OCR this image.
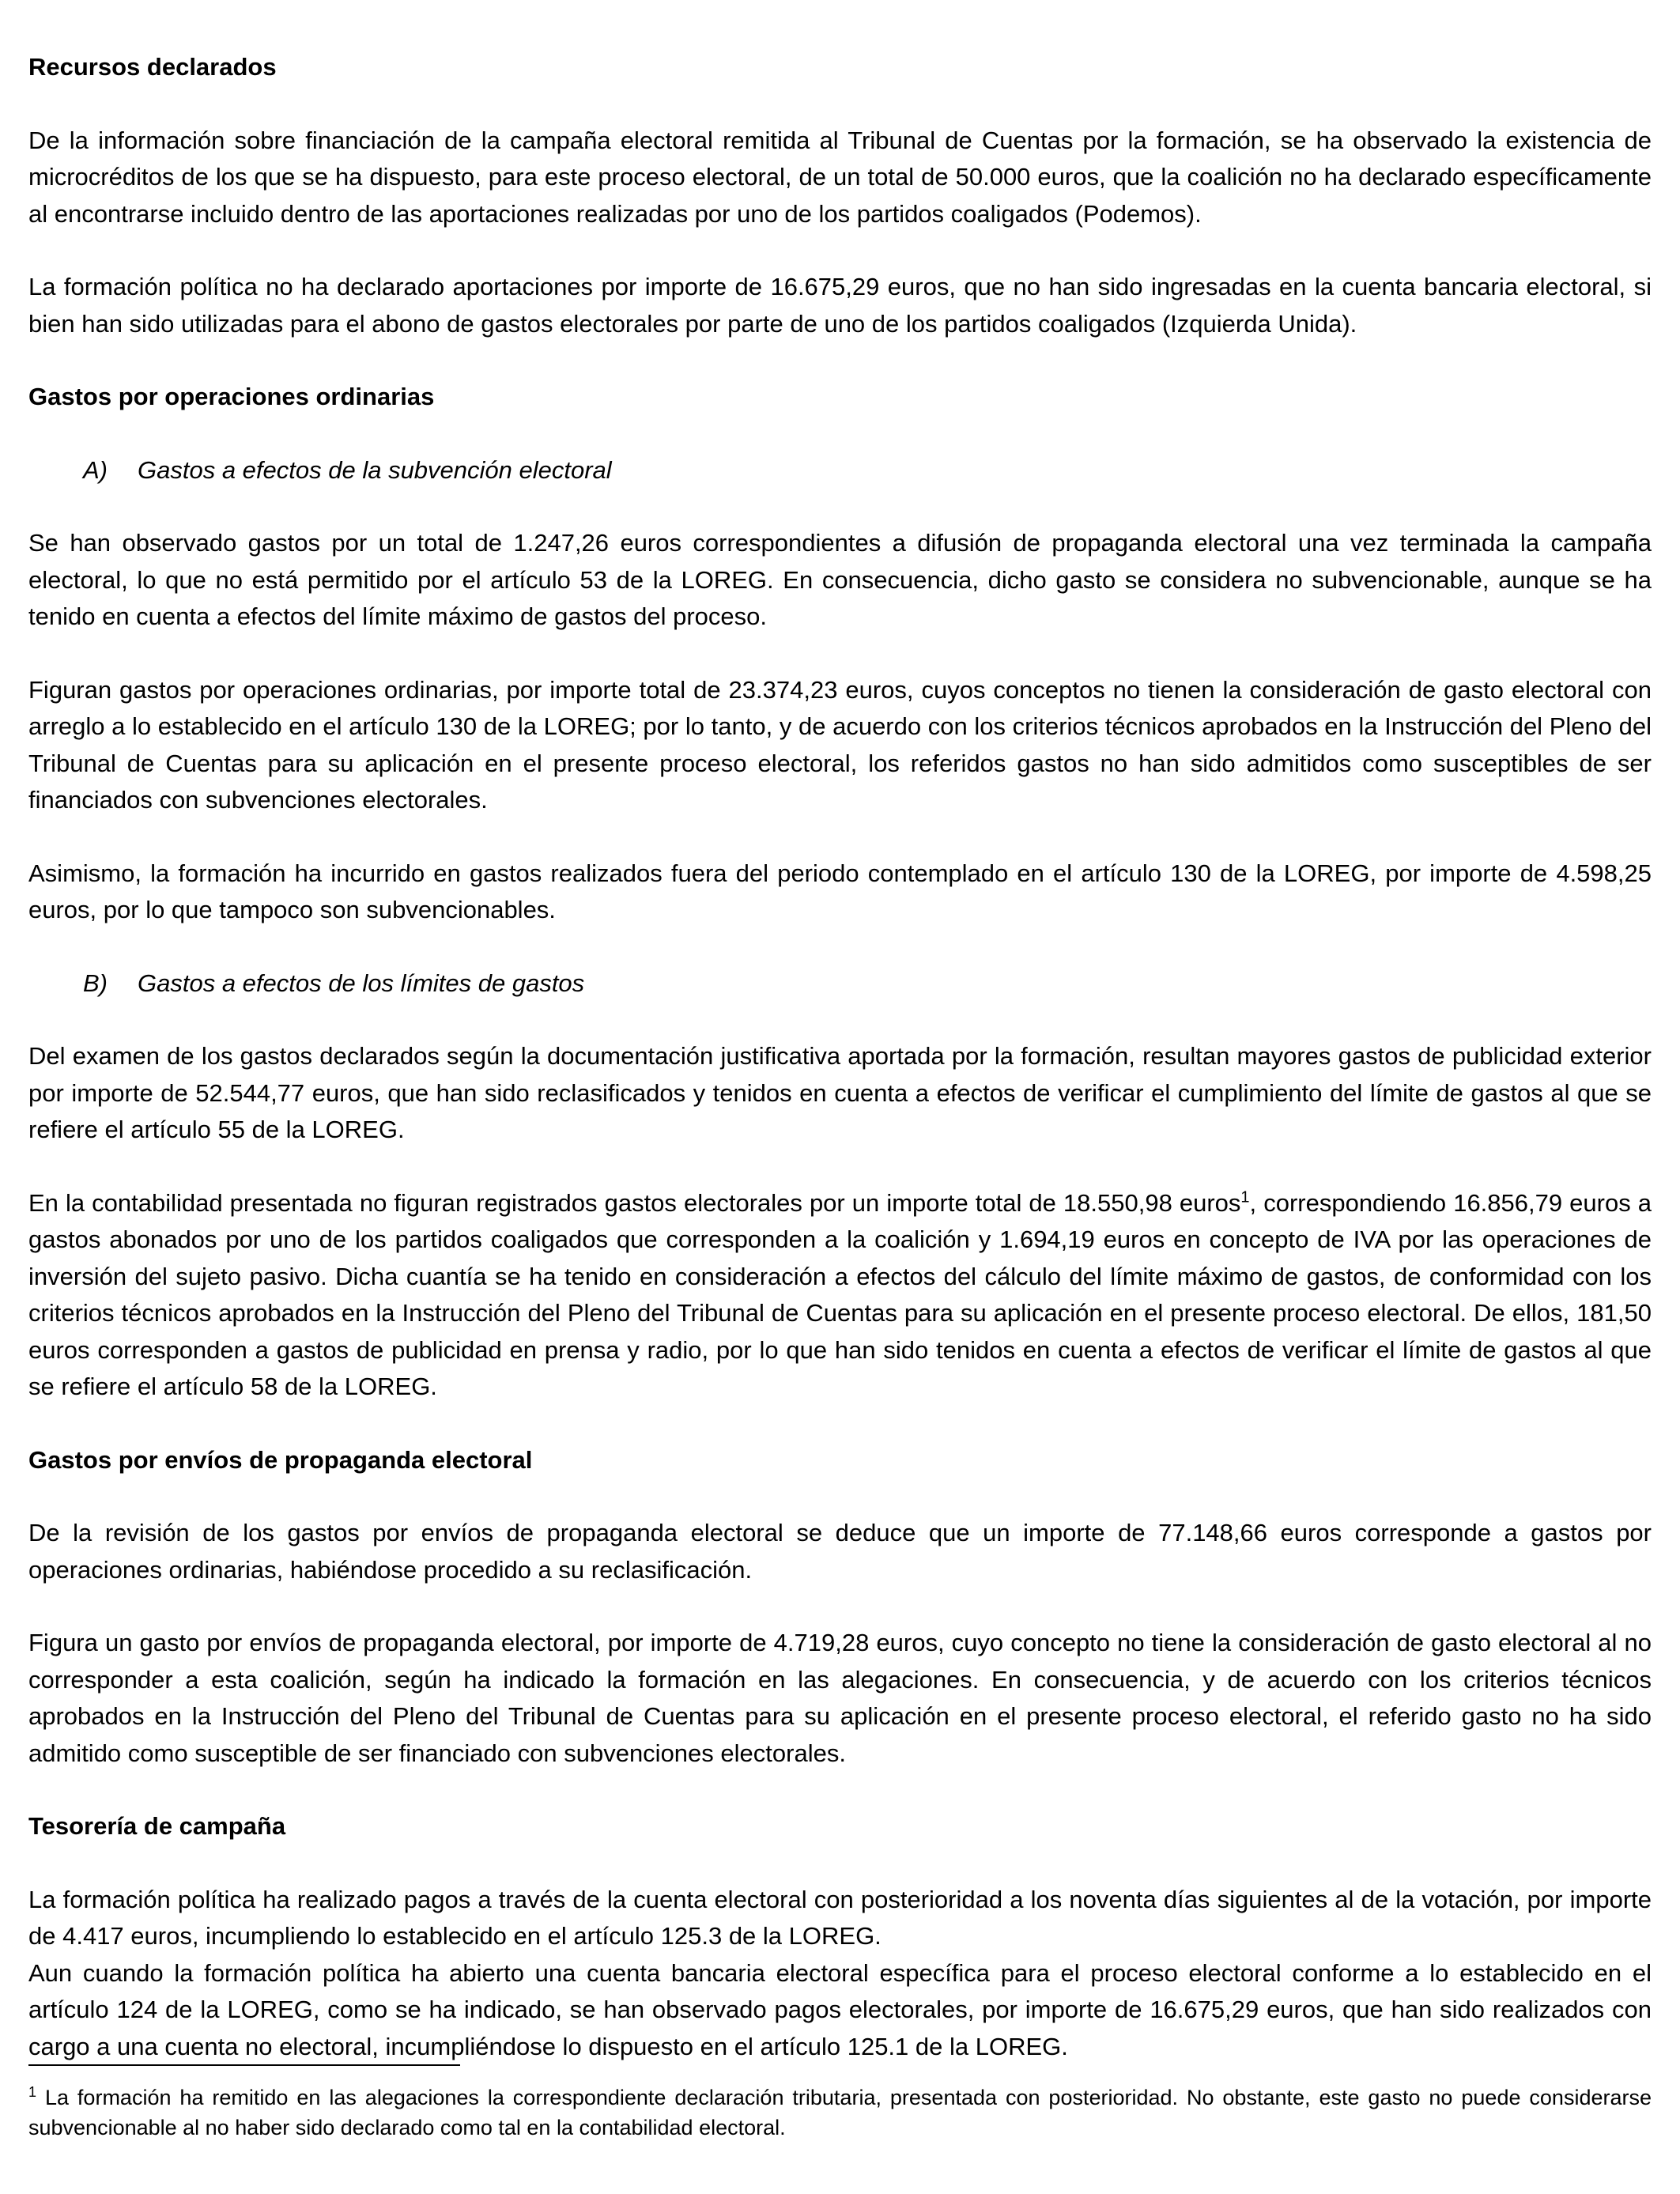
Recursos declarados

De la información sobre financiación de la campaña electoral remitida al Tribunal de Cuentas por la formación, se ha observado la existencia de microcréditos de los que se ha dispuesto, para este proceso electoral, de un total de 50.000 euros, que la coalición no ha declarado específicamente al encontrarse incluido dentro de las aportaciones realizadas por uno de los partidos coaligados (Podemos).

La formación política no ha declarado aportaciones por importe de 16.675,29 euros, que no han sido ingresadas en la cuenta bancaria electoral, si bien han sido utilizadas para el abono de gastos electorales por parte de uno de los partidos coaligados (Izquierda Unida).

Gastos por operaciones ordinarias

A) Gastos a efectos de la subvención electoral

Se han observado gastos por un total de 1.247,26 euros correspondientes a difusión de propaganda electoral una vez terminada la campaña electoral, lo que no está permitido por el artículo 53 de la LOREG. En consecuencia, dicho gasto se considera no subvencionable, aunque se ha tenido en cuenta a efectos del límite máximo de gastos del proceso.

Figuran gastos por operaciones ordinarias, por importe total de 23.374,23 euros, cuyos conceptos no tienen la consideración de gasto electoral con arreglo a lo establecido en el artículo 130 de la LOREG; por lo tanto, y de acuerdo con los criterios técnicos aprobados en la Instrucción del Pleno del Tribunal de Cuentas para su aplicación en el presente proceso electoral, los referidos gastos no han sido admitidos como susceptibles de ser financiados con subvenciones electorales.

Asimismo, la formación ha incurrido en gastos realizados fuera del periodo contemplado en el artículo 130 de la LOREG, por importe de 4.598,25 euros, por lo que tampoco son subvencionables.

B) Gastos a efectos de los límites de gastos

Del examen de los gastos declarados según la documentación justificativa aportada por la formación, resultan mayores gastos de publicidad exterior por importe de 52.544,77 euros, que han sido reclasificados y tenidos en cuenta a efectos de verificar el cumplimiento del límite de gastos al que se refiere el artículo 55 de la LOREG.

En la contabilidad presentada no figuran registrados gastos electorales por un importe total de 18.550,98 euros$^1$, correspondiendo 16.856,79 euros a gastos abonados por uno de los partidos coaligados que corresponden a la coalición y 1.694,19 euros en concepto de IVA por las operaciones de inversión del sujeto pasivo. Dicha cuantía se ha tenido en consideración a efectos del cálculo del límite máximo de gastos, de conformidad con los criterios técnicos aprobados en la Instrucción del Pleno del Tribunal de Cuentas para su aplicación en el presente proceso electoral. De ellos, 181,50 euros corresponden a gastos de publicidad en prensa y radio, por lo que han sido tenidos en cuenta a efectos de verificar el límite de gastos al que se refiere el artículo 58 de la LOREG.

Gastos por envíos de propaganda electoral

De la revisión de los gastos por envíos de propaganda electoral se deduce que un importe de 77.148,66 euros corresponde a gastos por operaciones ordinarias, habiéndose procedido a su reclasificación.

Figura un gasto por envíos de propaganda electoral, por importe de 4.719,28 euros, cuyo concepto no tiene la consideración de gasto electoral al no corresponder a esta coalición, según ha indicado la formación en las alegaciones. En consecuencia, y de acuerdo con los criterios técnicos aprobados en la Instrucción del Pleno del Tribunal de Cuentas para su aplicación en el presente proceso electoral, el referido gasto no ha sido admitido como susceptible de ser financiado con subvenciones electorales.

Tesorería de campaña

La formación política ha realizado pagos a través de la cuenta electoral con posterioridad a los noventa días siguientes al de la votación, por importe de 4.417 euros, incumpliendo lo establecido en el artículo 125.3 de la LOREG.

Aun cuando la formación política ha abierto una cuenta bancaria electoral específica para el proceso electoral conforme a lo establecido en el artículo 124 de la LOREG, como se ha indicado, se han observado pagos electorales, por importe de 16.675,29 euros, que han sido realizados con cargo a una cuenta no electoral, incumpliéndose lo dispuesto en el artículo 125.1 de la LOREG.

$^1$ La formación ha remitido en las alegaciones la correspondiente declaración tributaria, presentada con posterioridad. No obstante, este gasto no puede considerarse subvencionable al no haber sido declarado como tal en la contabilidad electoral.
